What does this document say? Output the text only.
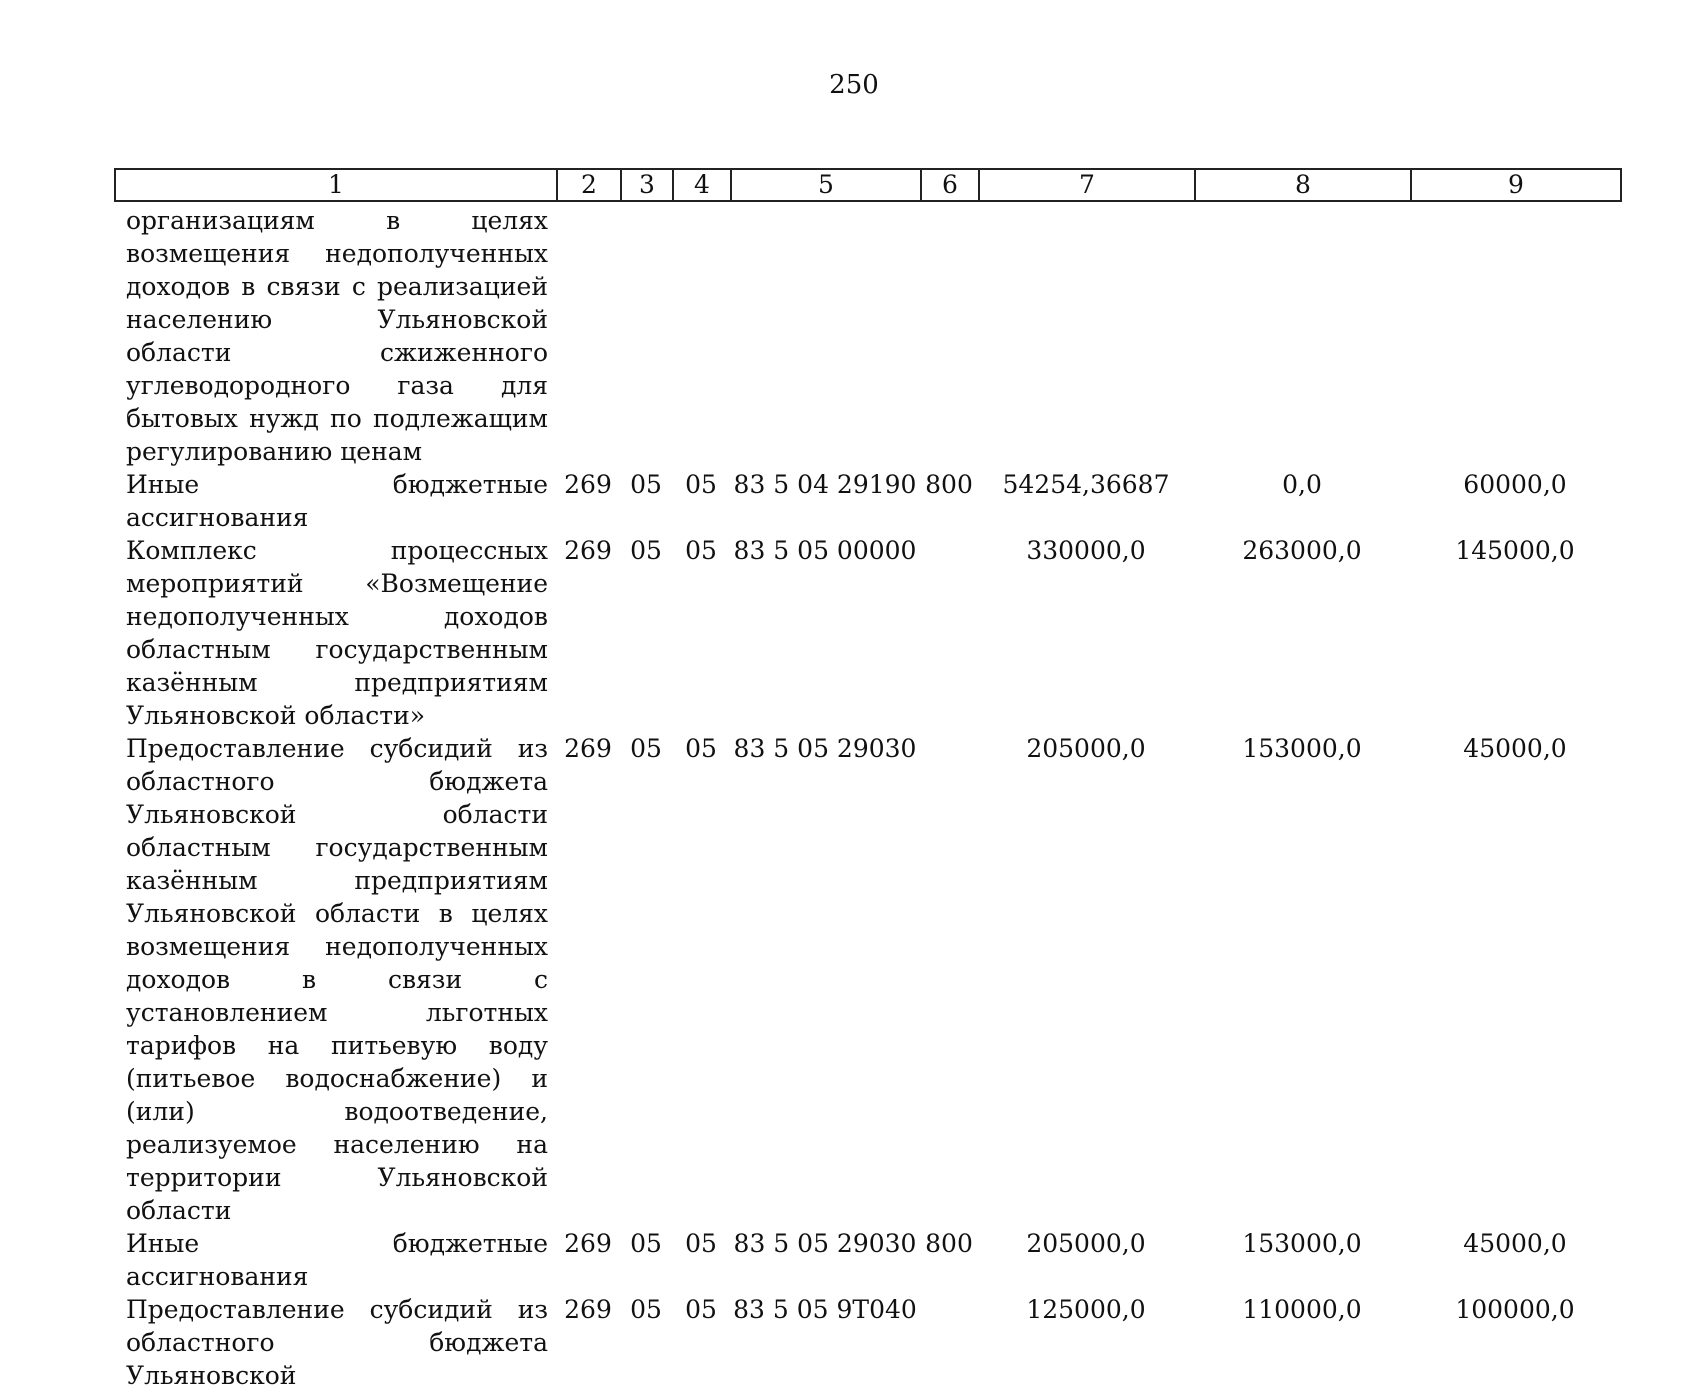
250
1	2	3	4	5	6	7	8	9
организациям в целях возмещения недополученных доходов в связи с реализацией населению Ульяновской области сжиженного углеводородного газа для бытовых нужд по подлежащим регулированию ценам								
Иные бюджетные ассигнования	269	05	05	83 5 04 29190	800	54254,36687	0,0	60000,0
Комплекс процессных мероприятий «Возмещение недополученных доходов областным государственным казённым предприятиям Ульяновской области»	269	05	05	83 5 05 00000		330000,0	263000,0	145000,0
Предоставление субсидий из областного бюджета Ульяновской области областным государственным казённым предприятиям Ульяновской области в целях возмещения недополученных доходов в связи с установлением льготных тарифов на питьевую воду (питьевое водоснабжение) и (или) водоотведение, реализуемое населению на территории Ульяновской области	269	05	05	83 5 05 29030		205000,0	153000,0	45000,0
Иные бюджетные ассигнования	269	05	05	83 5 05 29030	800	205000,0	153000,0	45000,0
Предоставление субсидий из областного бюджета Ульяновской	269	05	05	83 5 05 9Т040		125000,0	110000,0	100000,0
